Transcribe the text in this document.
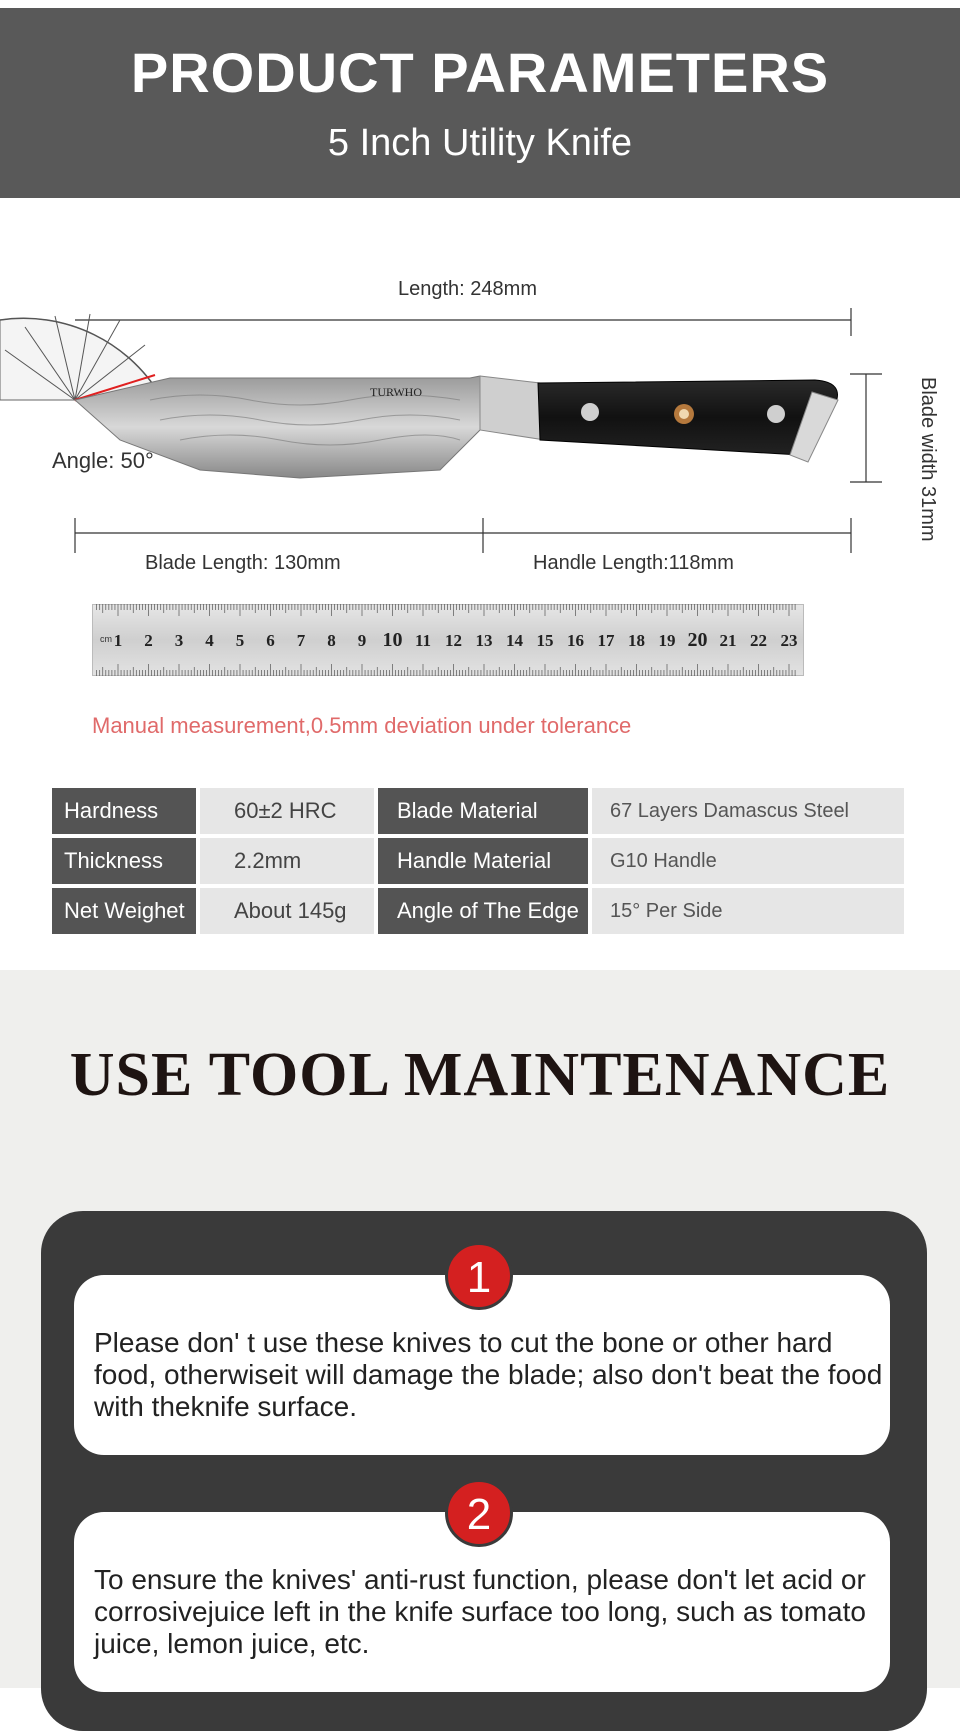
PRODUCT PARAMETERS
5 Inch Utility Knife
TURWHO
Length: 248mm
Angle: 50°	Blade width 31mm
Blade Length: 130mm	Handle Length:118mm
cm 1 2 3 4 5 6 7 8 9 10 11 12 13 14 15 16 17 18 19 20 21 22 23
Manual measurement,0.5mm deviation under tolerance
Hardness	60±2 HRC	Blade Material	67 Layers Damascus Steel
Thickness	2.2mm	Handle Material	G10 Handle
Net Weighet	About 145g	Angle of The Edge	15° Per Side
USE TOOL MAINTENANCE
Please don' t use these knives to cut the bone or other hard food, otherwiseit will damage the blade; also don't beat the food with theknife surface.
1
To ensure the knives' anti-rust function, please don't let acid or corrosivejuice left in the knife surface too long, such as tomato juice, lemon juice, etc.
2
